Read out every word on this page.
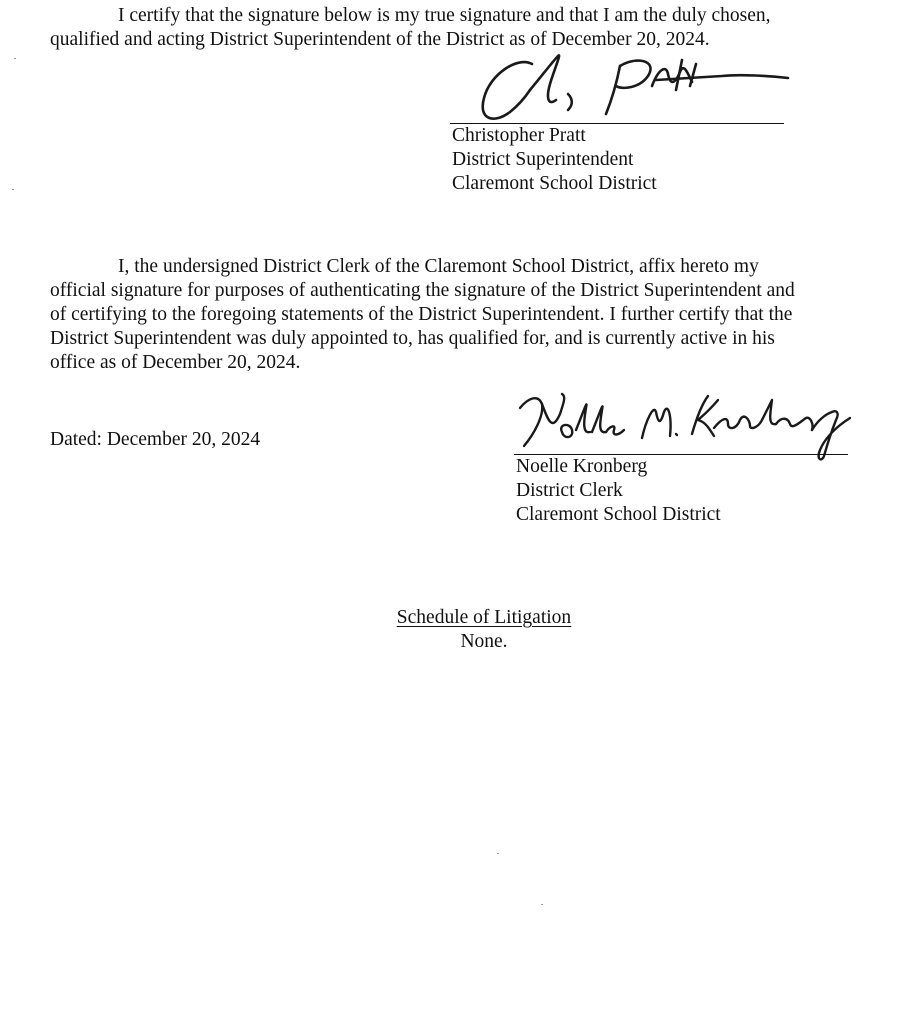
I certify that the signature below is my true signature and that I am the duly chosen,

qualified and acting District Superintendent of the District as of December 20, 2024.

Christopher Pratt

District Superintendent

Claremont School District

I, the undersigned District Clerk of the Claremont School District, affix hereto my

official signature for purposes of authenticating the signature of the District Superintendent and

of certifying to the foregoing statements of the District Superintendent. I further certify that the

District Superintendent was duly appointed to, has qualified for, and is currently active in his

office as of December 20, 2024.

Dated: December 20, 2024

Noelle Kronberg

District Clerk

Claremont School District

Schedule of Litigation

None.
